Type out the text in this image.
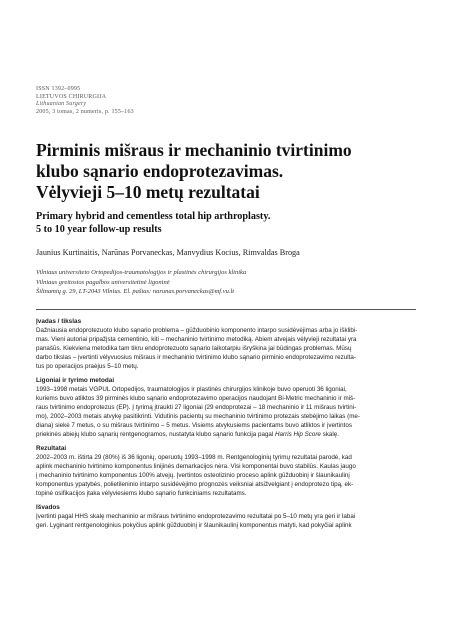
ISSN 1392–0995
LIETUVOS CHIRURGIJA
Lithuanian Surgery
2005, 3 tomas, 2 numeris, p. 155–163
Pirminis mišraus ir mechaninio tvirtinimo
klubo sąnario endoprotezavimas.
Vėlyvieji 5–10 metų rezultatai
Primary hybrid and cementless total hip arthroplasty.
5 to 10 year follow-up results
Jaunius Kurtinaitis, Narūnas Porvaneckas, Manvydius Kocius, Rimvaldas Broga
Vilniaus universiteto Ortopedijos-traumatologijos ir plastinės chirurgijos klinika
Vilniaus greitosios pagalbos universitetinė ligoninė
Šiltnamių g. 29, LT-2043 Vilnius. El. paštas: narunas.porvaneckas@mf.vu.lt
Įvadas / tikslas
Dažniausia endoprotezuoto klubo sąnario problema – gūžduobinio komponento intarpo susidėvėjimas arba jo išklibi-
mas. Vieni autoriai pripažįsta cementinio, kiti – mechaninio tvirtinimo metodiką. Abiem atvejais vėlyvieji rezultatai yra
panašūs. Kiekviena metodika tam tikru endoprotezuoto sąnario laikotarpiu išryškina jai būdingas problemas. Mūsų
darbo tikslas – įvertinti vėlyvuosius mišraus ir mechaninio tvirtinimo klubo sąnario pirminio endoprotezavimo rezulta-
tus po operacijos praėjus 5–10 metų.
Ligoniai ir tyrimo metodai
1993–1998 metais VGPUL Ortopedijos, traumatologijos ir plastinės chirurgijos klinikoje buvo operuoti 36 ligoniai,
kuriems buvo atliktos 39 pirminės klubo sąnario endoprotezavimo operacijos naudojant Bi-Metric mechaninio ir miš-
raus tvirtinimo endoprotezus (EP). Į tyrimą įtraukti 27 ligoniai (29 endoprotezai – 18 mechaninio ir 11 mišraus tvirtini-
mo), 2002–2003 metais atvykę pasitikrinti. Vidutinis pacientų su mechaninio tvirtinimo protezais stebėjimo laikas (me-
diana) siekė 7 metus, o su mišraus tvirtinimo – 5 metus. Visiems atvykusiems pacientams buvo atliktos ir įvertintos
priekinės abiejų klubo sąnarių rentgenogramos, nustatyta klubo sąnario funkcija pagal Harris Hip Score skalę.
Rezultatai
2002–2003 m. ištirta 29 (80%) iš 36 ligonių, operuotų 1993–1998 m. Rentgenologinių tyrimų rezultatai parodė, kad
aplink mechaninio tvirtinimo komponentus linijinės demarkacijos nėra. Visi komponentai buvo stabilūs. Kaulas įaugo
į mechaninio tvirtinimo komponentus 100% atvejų. Įvertintos osteolizinio proceso aplink gūžduobinį ir šlaunikaulinį
komponentus ypatybės, polietileninio intarpo susidėvėjimo prognozės veiksniai atsižvelgiant į endoprotezo tipą, ek-
topinė osifikacijos įtaka vėlyviesiems klubo sąnario funkciniams rezultatams.
Išvados
Įvertinti pagal HHS skalę mechaninio ar mišraus tvirtinimo endoprotezavimo rezultatai po 5–10 metų yra geri ir labai
geri. Lyginant rentgenologinius pokyčius aplink gūžduobinį ir šlaunikaulinį komponentus matyti, kad pokyčiai aplink
